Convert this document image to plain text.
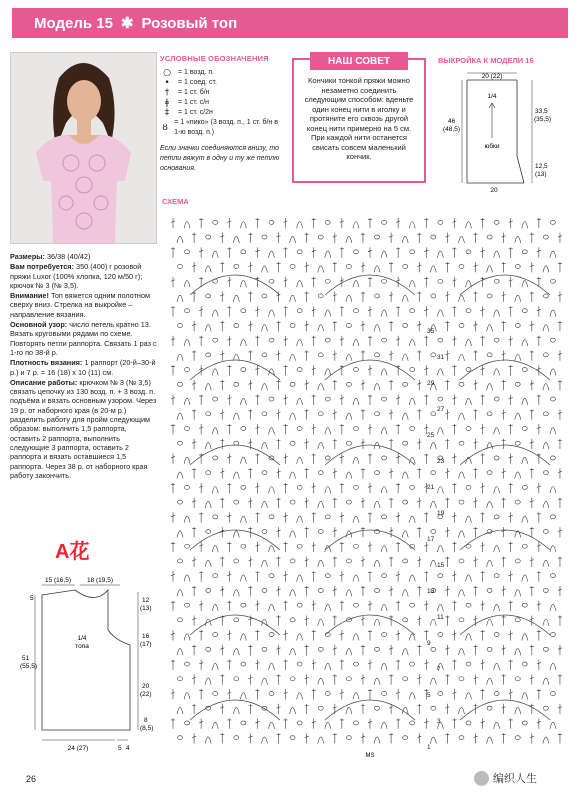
Модель 15 ✱ Розовый топ
УСЛОВНЫЕ ОБОЗНАЧЕНИЯ
○	= 1 возд. п.
•	= 1 соед. ст.
†	= 1 ст. б/н
ǂ	= 1 ст. с/н
‡	= 1 ст. с/2н
ȣ
= 1 «пико» (3 возд. п., 1 ст. б/н в 1-ю возд. п.)
Если значки соединяются внизу, то петли вяжут в одну и ту же петлю основания.
Кончики тонкой пряжи можно незаметно соединить следующим способом: вденьте один конец нити в иголку и протяните его сквозь другой конец нити примерно на 5 см. При каждой нити останется свисать совсем маленький кончик.
НАШ СОВЕТ	ВЫКРОЙКА К МОДЕЛИ 16
20 (22)
46
(48,5)
33,5
(35,5)
1/4
юбки
12,5
(13)
20
СХЕМА
35
31
29
27
25
23
21
19
17
15
13
11
9
7
5
3
1
MS

Размеры: 36/38 (40/42)

Вам потребуется: 350 (400) г розовой пряжи Luxor (100% хлопка, 120 м/50 г); крючок № 3 (№ 3,5).

Внимание! Топ вяжется одним полотном сверху вниз. Стрелка на выкройке – направление вязания.

Основной узор: число петель кратно 13. Вязать круговыми рядами по схеме. Повторять петли раппорта. Связать 1 раз с 1-го по 38-й р.

Плотность вязания: 1 раппорт (20-й–30-й р.) и 7 р. = 16 (18) х 10 (11) см.

Описание работы: крючком № 3 (№ 3,5) связать цепочку из 130 возд. п. + 3 возд. п. подъёма и вязать основным узором. Через 19 р. от наборного края (в 20-м р.) разделить работу для пройм следующим образом: выполнить 1,5 раппорта, оставить 2 раппорта, выполнить следующие 3 раппорта, оставить 2 раппорта и вязать оставшиеся 1,5 раппорта. Через 38 р. от наборного края работу закончить.

A花
15 (16,5) 18 (19,5)
5
51
(55,5)
1/4
топа
12
(13)
16
(17)
20
(22)
8
(8,5)
24 (27)	5 4
26	编织人生
